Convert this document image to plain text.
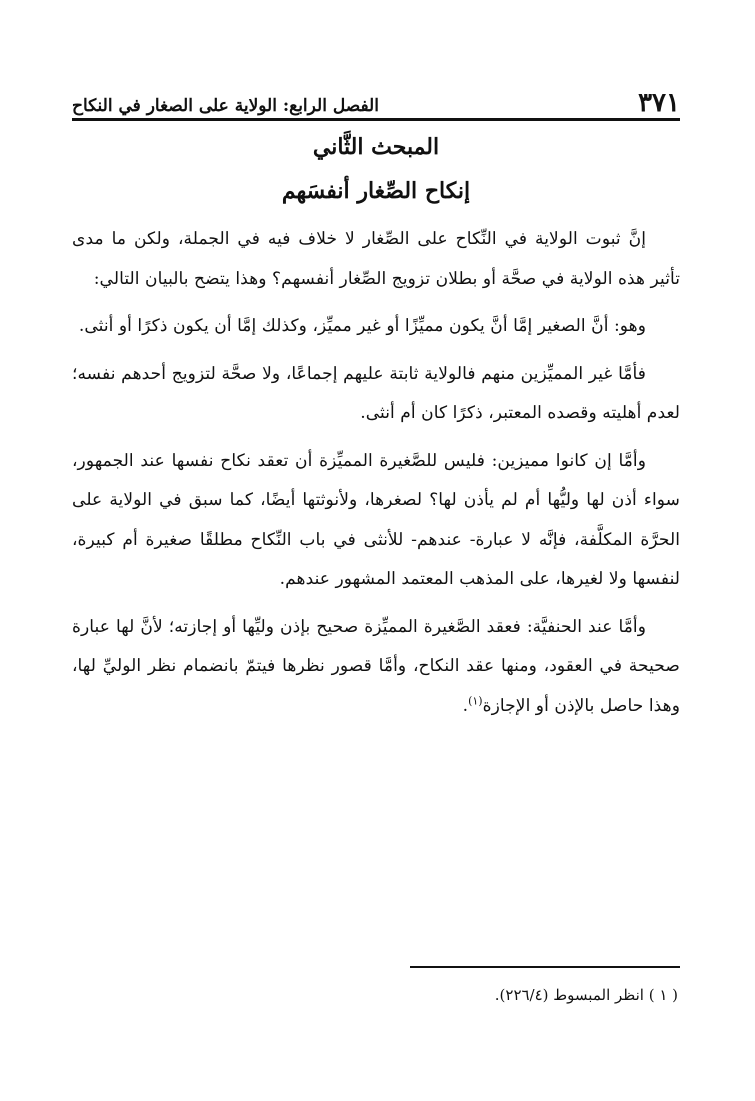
٣٧١
الفصل الرابع: الولاية على الصغار في النكاح
المبحث الثَّاني
إنكاح الصِّغار أنفسَهم

إنَّ ثبوت الولاية في النِّكاح على الصِّغار لا خلاف فيه في الجملة، ولكن ما مدى تأثير هذه الولاية في صحَّة أو بطلان تزويج الصِّغار أنفسهم؟ وهذا يتضح بالبيان التالي:

وهو: أنَّ الصغير إمَّا أنَّ يكون مميِّزًا أو غير مميِّز، وكذلك إمَّا أن يكون ذكرًا أو أنثى.

فأمَّا غير المميِّزين منهم فالولاية ثابتة عليهم إجماعًا، ولا صحَّة لتزويج أحدهم نفسه؛ لعدم أهليته وقصده المعتبر، ذكرًا كان أم أنثى.

وأمَّا إن كانوا مميزين: فليس للصَّغيرة المميِّزة أن تعقد نكاح نفسها عند الجمهور، سواء أذن لها وليُّها أم لم يأذن لها؟ لصغرها، ولأنوثتها أيضًا، كما سبق في الولاية على الحرَّة المكلَّفة، فإنَّه لا عبارة- عندهم- للأنثى في باب النِّكاح مطلقًا صغيرة أم كبيرة، لنفسها ولا لغيرها، على المذهب المعتمد المشهور عندهم.

وأمَّا عند الحنفيَّة: فعقد الصَّغيرة المميِّزة صحيح بإذن وليِّها أو إجازته؛ لأنَّ لها عبارة صحيحة في العقود، ومنها عقد النكاح، وأمَّا قصور نظرها فيتمّ بانضمام نظر الوليِّ لها، وهذا حاصل بالإذن أو الإجازة$^{(١)}$.

( ١ ) انظر المبسوط (٢٢٦/٤).
